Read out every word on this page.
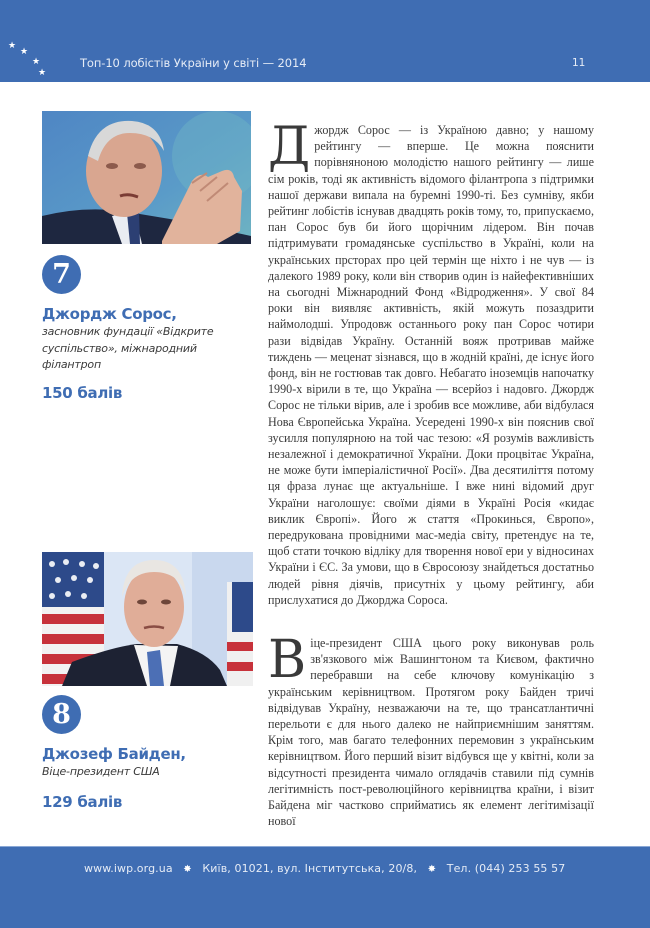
★
★
★
★
Топ-10 лобістів України у світі — 2014	11
7
Джордж Сорос,
засновник фундації «Відкрите суспільство», міжнародний філантроп
150 балів
Д жордж Сорос — із Україною давно; у нашому рейтингу — вперше. Це можна пояснити порівняноною молодістю нашого рейтингу — лише сім років, тоді як активність відомого філантропа з підтримки нашої держави випала на буремні 1990-ті. Без сумніву, якби рейтинг лобістів існував двадцять років тому, то, припускаємо, пан Сорос був би його щорічним лідером. Він почав підтримувати громадянське суспільство в Україні, коли на українських прсторах про цей термін ще ніхто і не чув — із далекого 1989 року, коли він створив один із найефективніших на сьогодні Міжнародний Фонд «Відродження». У свої 84 роки він виявляє активність, якій можуть позаздрити наймолодші. Упродовж останнього року пан Сорос чотири рази відвідав Україну. Останній вояж протривав майже тиждень — меценат зізнався, що в жодній країні, де існує його фонд, він не гостював так довго. Небагато іноземців напочатку 1990-х вірили в те, що Україна — всерйоз і надовго. Джордж Сорос не тільки вірив, але і зробив все можливе, аби відбулася Нова Європейська Україна. Усередені 1990-х він пояснив свої зусилля популярною на той час тезою: «Я розумів важливість незалежної і демократичної України. Доки процвітає Україна, не може бути імперіалістичної Росії». Два десятиліття потому ця фраза лунає ще актуальніше. І вже нині відомий друг України наголошує: своїми діями в Україні Росія «кидає виклик Європі». Його ж стаття «Прокинься, Європо», передрукована провідними мас-медіа світу, претендує на те, щоб стати точкою відліку для творення нової ери у відносинах України і ЄС. За умови, що в Євросоюзу знайдеться достатньо людей рівня діячів, присутніх у цьому рейтингу, аби прислухатися до Джорджа Сороса.
8
Джозеф Байден,
Віце-президент США
129 балів
В іце-президент США цього року виконував роль зв'язкового між Вашингтоном та Києвом, фактично перебравши на себе ключову комунікацію з українським керівництвом. Протягом року Байден тричі відвідував Україну, незважаючи на те, що трансатлантичні перельоти є для нього далеко не найприємнішим заняттям. Крім того, мав багато телефонних перемовин з українським керівництвом. Його перший візит відбувся ще у квітні, коли за відсутності президента чимало оглядачів ставили під сумнів легітимність пост-революційного керівництва країни, і візит Байдена міг частково сприйматись як елемент легітимізації нової
www.iwp.org.ua ✸ Київ, 01021, вул. Інститутська, 20/8, ✸ Тел. (044) 253 55 57
